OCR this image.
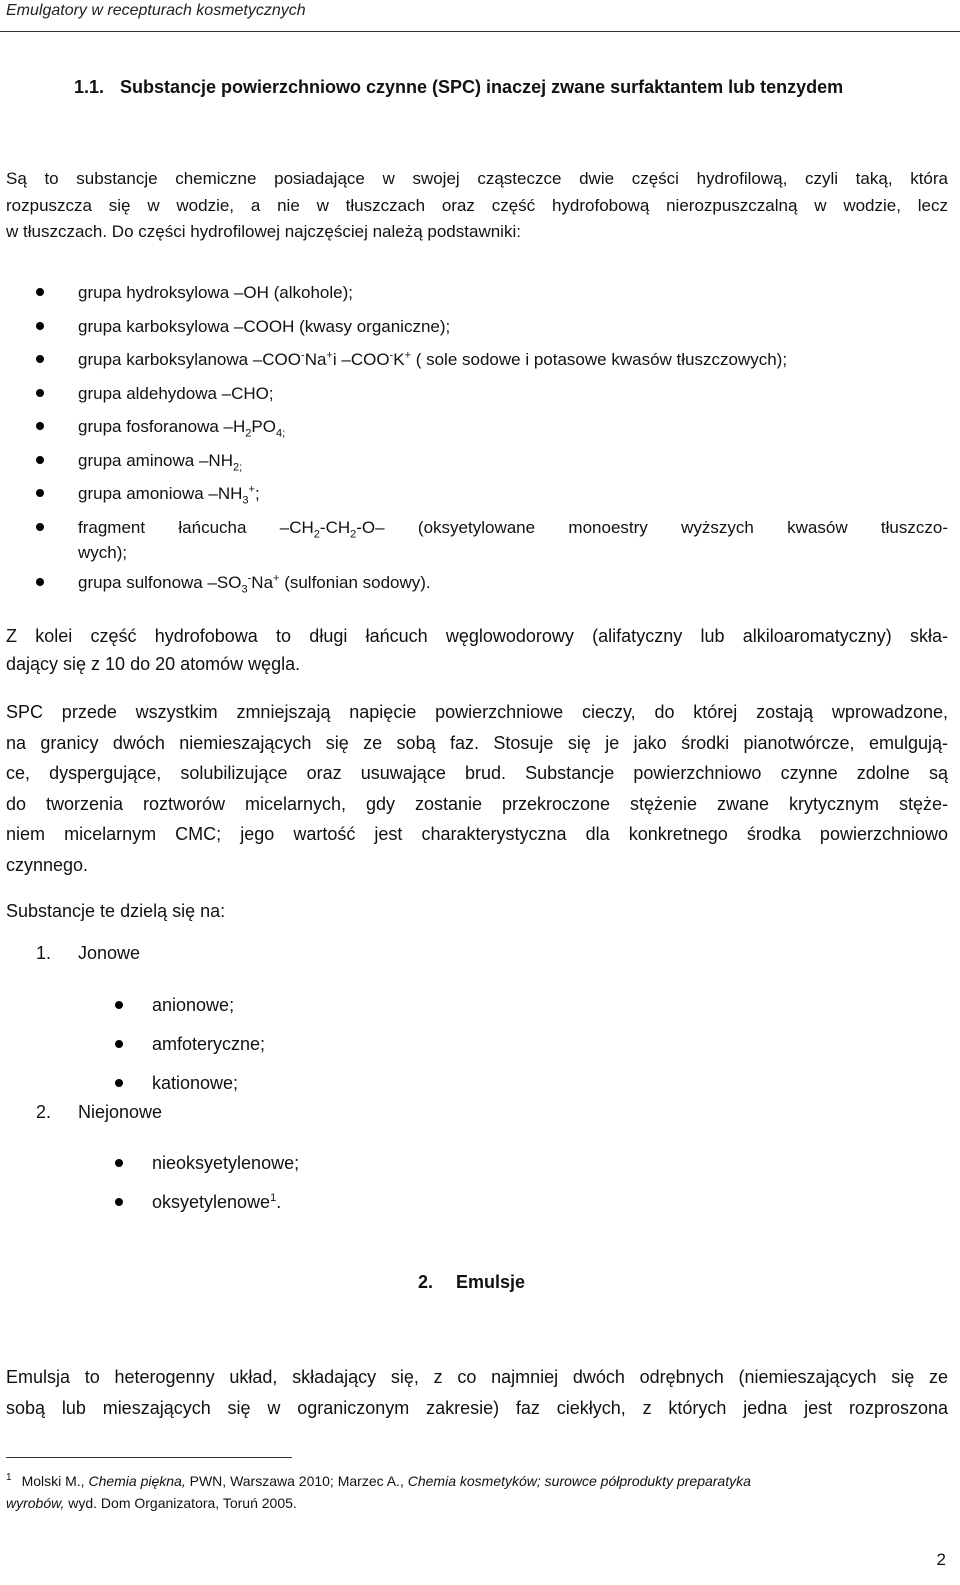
Emulgatory w recepturach kosmetycznych
1.1. Substancje powierzchniowo czynne (SPC) inaczej zwane surfaktantem lub tenzydem

Są to substancje chemiczne posiadające w swojej cząsteczce dwie części hydrofilową, czyli taką, która
rozpuszcza się w wodzie, a nie w tłuszczach oraz część hydrofobową nierozpuszczalną w wodzie, lecz
w tłuszczach. Do części hydrofilowej najczęściej należą podstawniki:

grupa hydroksylowa –OH (alkohole);
grupa karboksylowa –COOH (kwasy organiczne);
grupa karboksylanowa –COO-Na+i –COO-K+ ( sole sodowe i potasowe kwasów tłuszczowych);
grupa aldehydowa –CHO;
grupa fosforanowa $-H_2PO_{4;}$
grupa aminowa $-NH_{2;}$
grupa amoniowa $-NH_3^+$;
fragment łańcucha $-CH_2-CH_2-O-$ (oksyetylowane monoestry wyższych kwasów tłuszczo-
wych);
grupa sulfonowa $-SO_3^-Na^+$ (sulfonian sodowy).

Z kolei część hydrofobowa to długi łańcuch węglowodorowy (alifatyczny lub alkiloaromatyczny) skła-
dający się z 10 do 20 atomów węgla.

SPC przede wszystkim zmniejszają napięcie powierzchniowe cieczy, do której zostają wprowadzone,
na granicy dwóch niemieszających się ze sobą faz. Stosuje się je jako środki pianotwórcze, emulgują-
ce, dyspergujące, solubilizujące oraz usuwające brud. Substancje powierzchniowo czynne zdolne są
do tworzenia roztworów micelarnych, gdy zostanie przekroczone stężenie zwane krytycznym stęże-
niem micelarnym CMC; jego wartość jest charakterystyczna dla konkretnego środka powierzchniowo
czynnego.

Substancje te dzielą się na:

1. Jonowe
anionowe;
amfoteryczne;
kationowe;
2. Niejonowe
nieoksyetylenowe;
oksyetylenowe$^1$.
2. Emulsje

Emulsja to heterogenny układ, składający się, z co najmniej dwóch odrębnych (niemieszających się ze
sobą lub mieszających się w ograniczonym zakresie) faz ciekłych, z których jedna jest rozproszona

$^1$ Molski M., Chemia piękna, PWN, Warszawa 2010; Marzec A., Chemia kosmetyków; surowce półprodukty preparatyka
wyrobów, wyd. Dom Organizatora, Toruń 2005.
2
